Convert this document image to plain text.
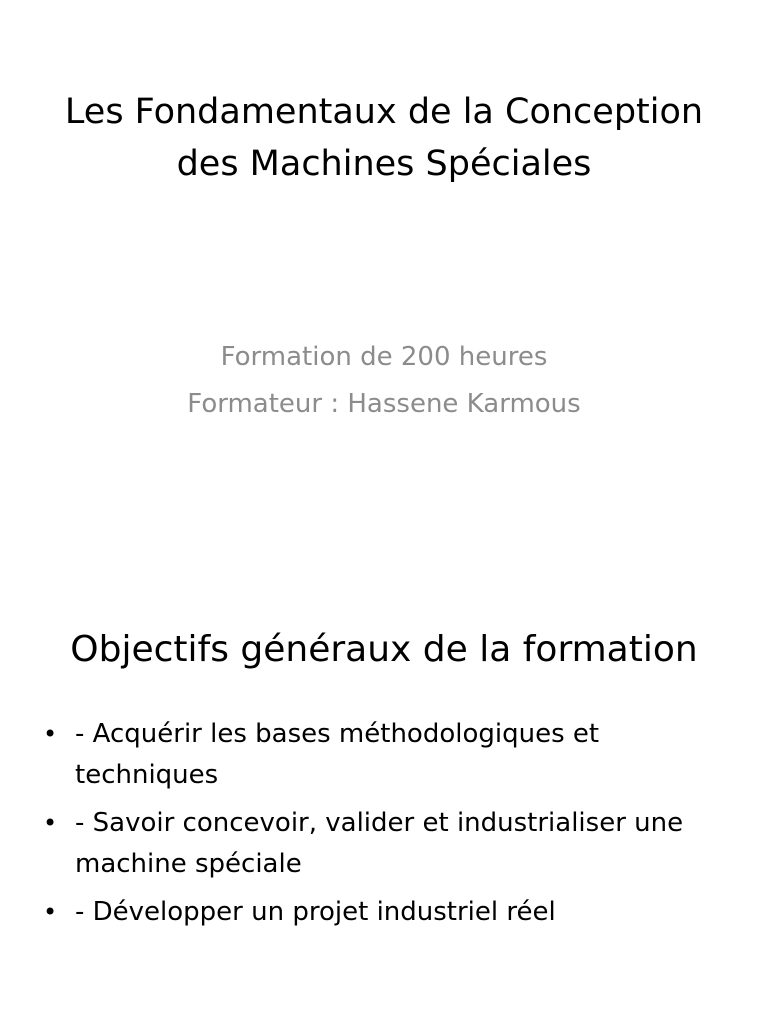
Les Fondamentaux de la Conception
des Machines Spéciales
Formation de 200 heures
Formateur : Hassene Karmous
Objectifs généraux de la formation
• - Acquérir les bases méthodologiques et techniques
• - Savoir concevoir, valider et industrialiser une machine spéciale
• - Développer un projet industriel réel
